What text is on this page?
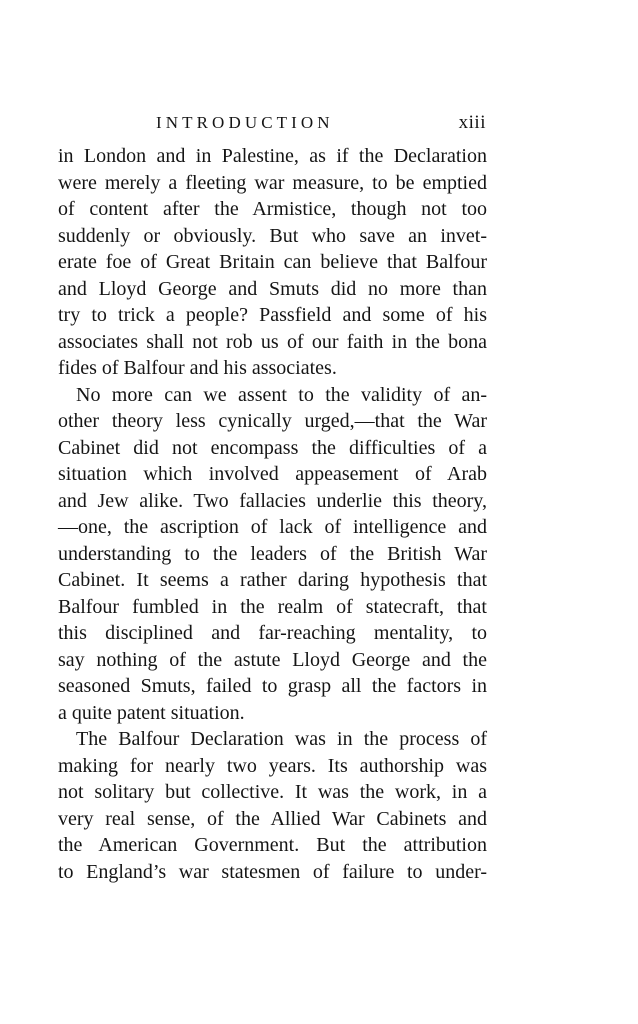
INTRODUCTION	xiii
in London and in Palestine, as if the Declaration
were merely a fleeting war measure, to be emptied
of content after the Armistice, though not too
suddenly or obviously. But who save an invet-
erate foe of Great Britain can believe that Balfour
and Lloyd George and Smuts did no more than
try to trick a people? Passfield and some of his
associates shall not rob us of our faith in the bona
fides of Balfour and his associates.
No more can we assent to the validity of an-
other theory less cynically urged,—that the War
Cabinet did not encompass the difficulties of a
situation which involved appeasement of Arab
and Jew alike. Two fallacies underlie this theory,
—one, the ascription of lack of intelligence and
understanding to the leaders of the British War
Cabinet. It seems a rather daring hypothesis that
Balfour fumbled in the realm of statecraft, that
this disciplined and far-reaching mentality, to
say nothing of the astute Lloyd George and the
seasoned Smuts, failed to grasp all the factors in
a quite patent situation.
The Balfour Declaration was in the process of
making for nearly two years. Its authorship was
not solitary but collective. It was the work, in a
very real sense, of the Allied War Cabinets and
the American Government. But the attribution
to England’s war statesmen of failure to under-
